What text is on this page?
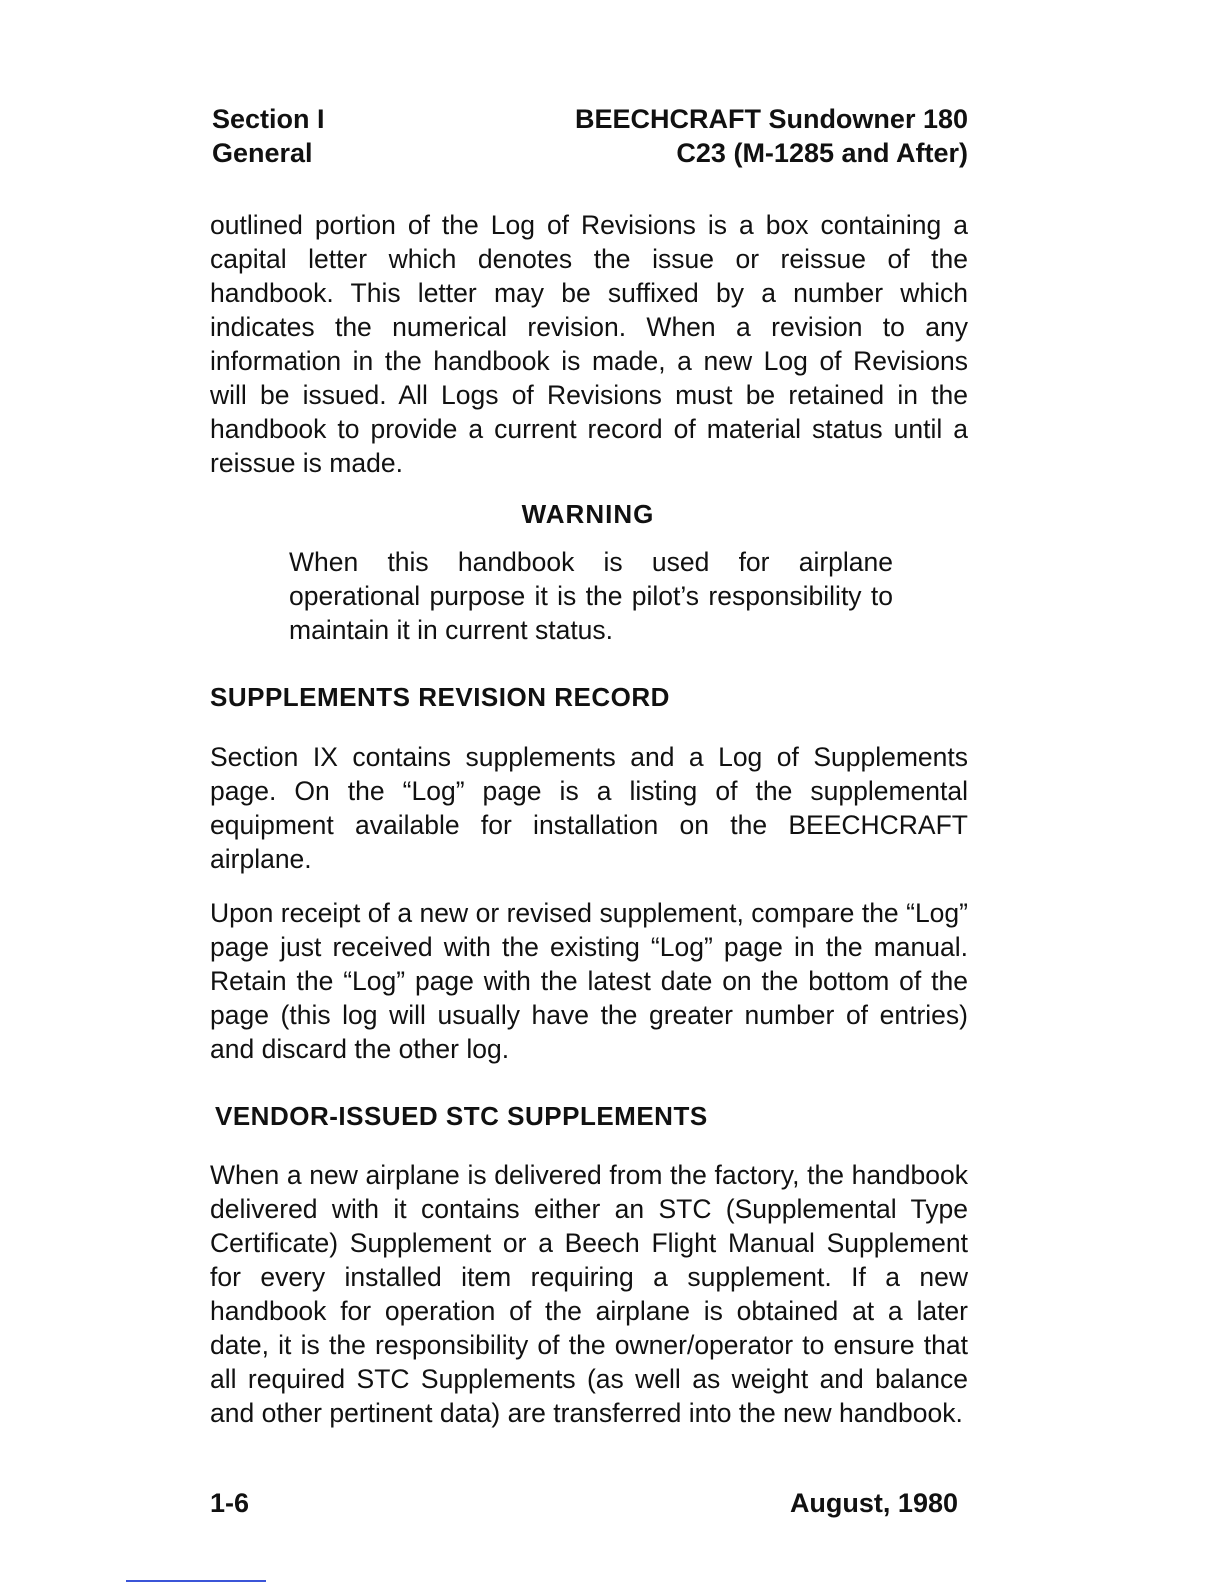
Section I
General
BEECHCRAFT Sundowner 180
C23 (M-1285 and After)

outlined portion of the Log of Revisions is a box containing a capital letter which denotes the issue or reissue of the handbook. This letter may be suffixed by a number which indicates the numerical revision. When a revision to any information in the handbook is made, a new Log of Revisions will be issued. All Logs of Revisions must be retained in the handbook to provide a current record of material status until a reissue is made.

WARNING

When this handbook is used for airplane operational purpose it is the pilot’s responsibility to maintain it in current status.

SUPPLEMENTS REVISION RECORD

Section IX contains supplements and a Log of Supplements page. On the “Log” page is a listing of the supplemental equipment available for installation on the BEECHCRAFT airplane.

Upon receipt of a new or revised supplement, compare the “Log” page just received with the existing “Log” page in the manual. Retain the “Log” page with the latest date on the bottom of the page (this log will usually have the greater number of entries) and discard the other log.

VENDOR-ISSUED STC SUPPLEMENTS

When a new airplane is delivered from the factory, the handbook delivered with it contains either an STC (Supplemental Type Certificate) Supplement or a Beech Flight Manual Supplement for every installed item requiring a supplement. If a new handbook for operation of the airplane is obtained at a later date, it is the responsibility of the owner/operator to ensure that all required STC Supplements (as well as weight and balance and other pertinent data) are transferred into the new handbook.

1-6	August, 1980
